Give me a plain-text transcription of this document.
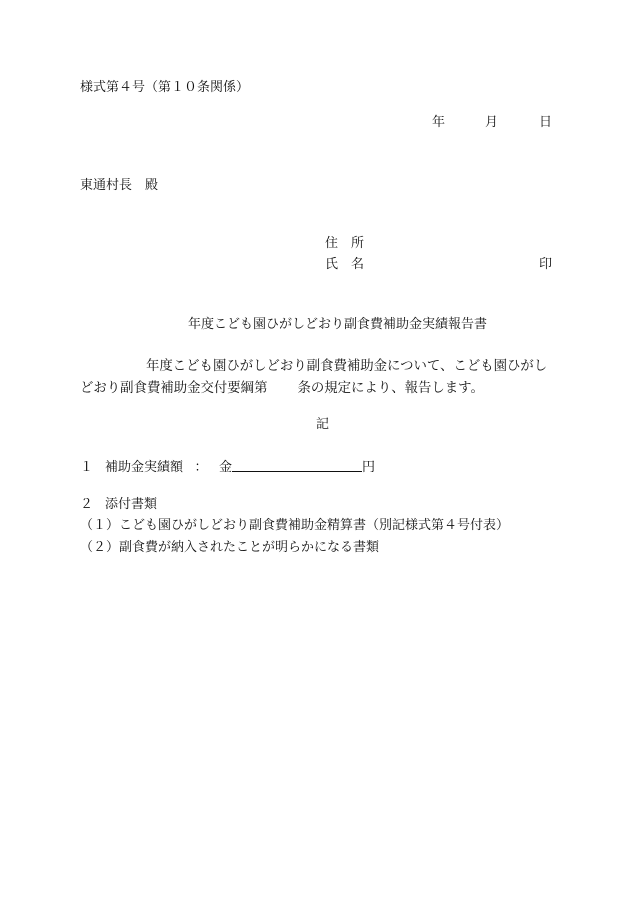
様式第４号（第１０条関係）

年	月	日

東通村長　殿

住　所

氏　名	印

年度こども園ひがしどおり副食費補助金実績報告書

年度こども園ひがしどおり副食費補助金について、こども園ひがし
どおり副食費補助金交付要綱第 条の規定により、報告します。

記

１ 補助金実績額 ： 金	円
２ 添付書類

（１）こども園ひがしどおり副食費補助金精算書（別記様式第４号付表）

（２）副食費が納入されたことが明らかになる書類
